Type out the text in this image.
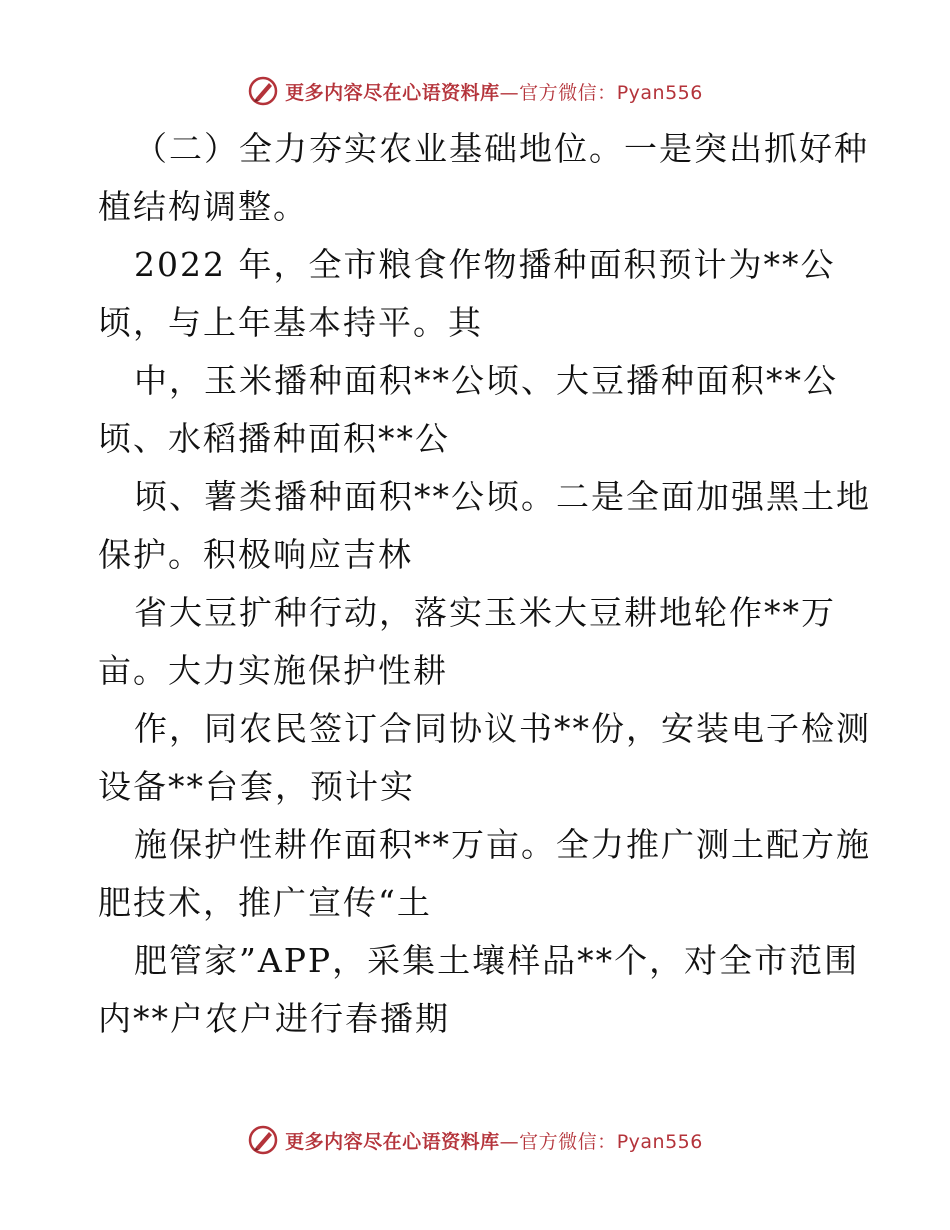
更多内容尽在心语资料库—官方微信：Pyan556
（二）全力夯实农业基础地位。一是突出抓好种
植结构调整。
2022 年，全市粮食作物播种面积预计为**公
顷，与上年基本持平。其
中，玉米播种面积**公顷、大豆播种面积**公
顷、水稻播种面积**公
顷、薯类播种面积**公顷。二是全面加强黑土地
保护。积极响应吉林
省大豆扩种行动，落实玉米大豆耕地轮作**万
亩。大力实施保护性耕
作，同农民签订合同协议书**份，安装电子检测
设备**台套，预计实
施保护性耕作面积**万亩。全力推广测土配方施
肥技术，推广宣传“土
肥管家”APP，采集土壤样品**个，对全市范围
内**户农户进行春播期
更多内容尽在心语资料库—官方微信：Pyan556
